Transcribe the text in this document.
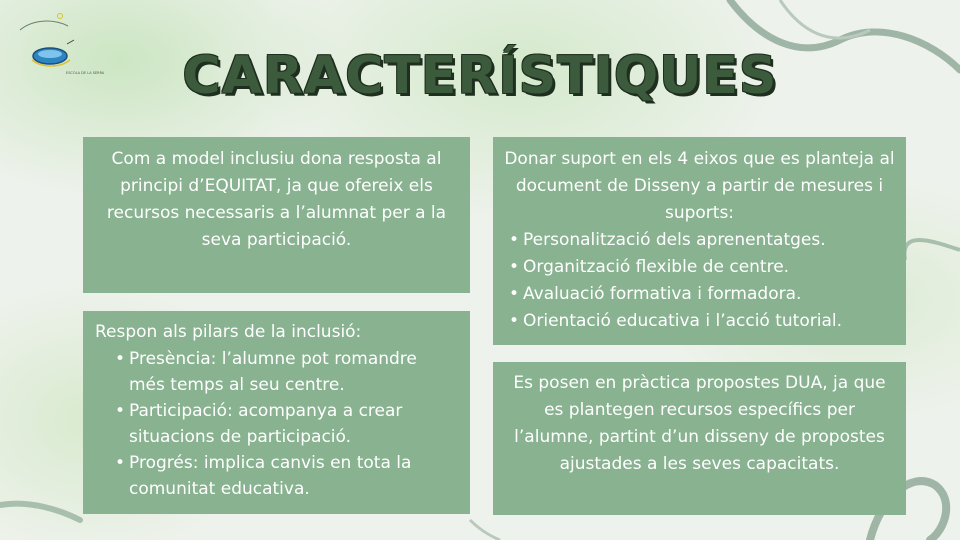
ESCOLA DE LA SERRA	CARACTERÍSTIQUES
Com a model inclusiu dona resposta al principi d’EQUITAT, ja que ofereix els recursos necessaris a l’alumnat per a la seva participació.
Donar suport en els 4 eixos que es planteja al document de Disseny a partir de mesures i suports:
• Personalització dels aprenentatges.
• Organització flexible de centre.
• Avaluació formativa i formadora.
• Orientació educativa i l’acció tutorial.
Respon als pilars de la inclusió:
• Presència: l’alumne pot romandre més temps al seu centre.
• Participació: acompanya a crear situacions de participació.
• Progrés: implica canvis en tota la comunitat educativa.
Es posen en pràctica propostes DUA, ja que es plantegen recursos específics per l’alumne, partint d’un disseny de propostes ajustades a les seves capacitats.
